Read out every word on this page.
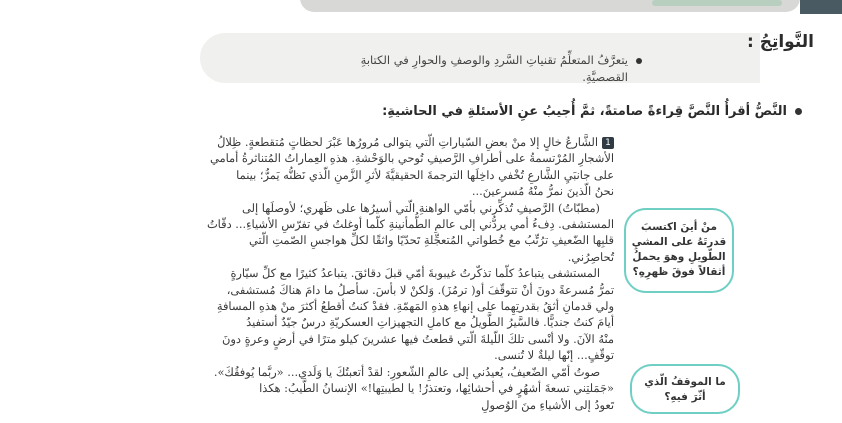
النَّواتِجُ :
يتعرَّفُ المتعلِّمُ تقنياتِ السَّردِ والوصفِ والحوارِ في الكتابةِ
القصصيَّةِ.
النَّصُّ أقرأُ النَّصَّ قِراءةً صامتةً، ثمَّ أُجيبُ عنِ الأسئلةِ في الحاشيةِ:

1الشَّارعُ خالٍ إلا منْ بعضِ السّياراتِ الّتي يتوالى مُرورُها عَبْرَ لحظاتٍ مُتقطعةٍ. ظِلالُ

الأشجارِ المُرْتسمةُ على أطرافِ الرَّصيفِ تُوحي بالوَحْشةِ. هذهِ العِماراتُ المُتناثرةُ أمامي

على جانبَيِ الشَّارعِ تُخْفي داخِلَها الترجمةَ الحقيقيَّةَ لأثرِ الزَّمنِ الّذي نَظنُّه يَمرُّ؛ بينما

نحنُ الّذينَ نمرُّ منْهُ مُسرعينَ...

(مطبّاتُ) الرَّصيفِ تُذكِّرني بأمّي الواهنةِ الّتي أسيرُها على ظَهري؛ لأوصلَها إلى

المستشفى. دِفءُ أمي يردُّني إلى عالمِ الطُّمأنينةِ كلّما أوغلتُ في تفرّسِ الأشياءِ... دقّاتُ

قلبِها الضّعيفِ ترُتِّبُ مع خُطواتي المُتعجِّلةِ تَحدّيًا واثقًا لكلِّ هواجسِ الصّمتِ الّتي

تُحاصِرُني.

المستشفى يتباعدُ كلّما تذكّرتُ غيبوبةَ أمّي قبلَ دقائقَ. يتباعدُ كثيرًا مع كلِّ سيّارةٍ

تمرُّ مُسرعةً دونَ أنْ تتوقّفَ أو( ترمُزَ). وَلكنْ لا بأسَ. سأصلُ ما دامَ هناكَ مُستشفى،

ولي قدمانِ أثقُ بقدرتِهِما على إنهاءِ هذهِ المَهمّةِ. فقدْ كنتُ أقطعُ أكثرَ منْ هذهِ المسافةِ

أيامَ كنتُ جنديًّا. فالسَّيرُ الطَّويلُ مع كاملِ التجهيزاتِ العسكريّةِ درسٌ جيّدٌ أستفيدُ

منْهُ الآنَ. ولا أنْسى تلكَ اللّيلةَ الّتي قطعتُ فيها عشرينَ كيلو مترًا في أرضٍ وعرةٍ دونَ

توقّفٍ... إنّها ليلةٌ لا تُنسى.

صوتُ أمّي الضّعيفُ، يُعيدُني إلى عالمِ الشّعورِ: لقدْ أتعبتُكَ يا وَلَدي... «ربَّما يُوفقُكَ».

«جَمَلتِني تسعةَ أشهُرٍ في أحشائِها، وتعتذرُ! يا لطيبتِها!» الإنسانُ الطَّيبُ: هكذا

تَعودُ إلى الأشياءِ منَ الوُصولِ

منْ أينَ اكتسبَ قدرتَهُ على المشيِ الطّويلِ وهوَ يحملُ أثقالاً فوقَ ظهرِهِ؟
ما الموقفُ الّذي أثّرَ فيهِ؟
